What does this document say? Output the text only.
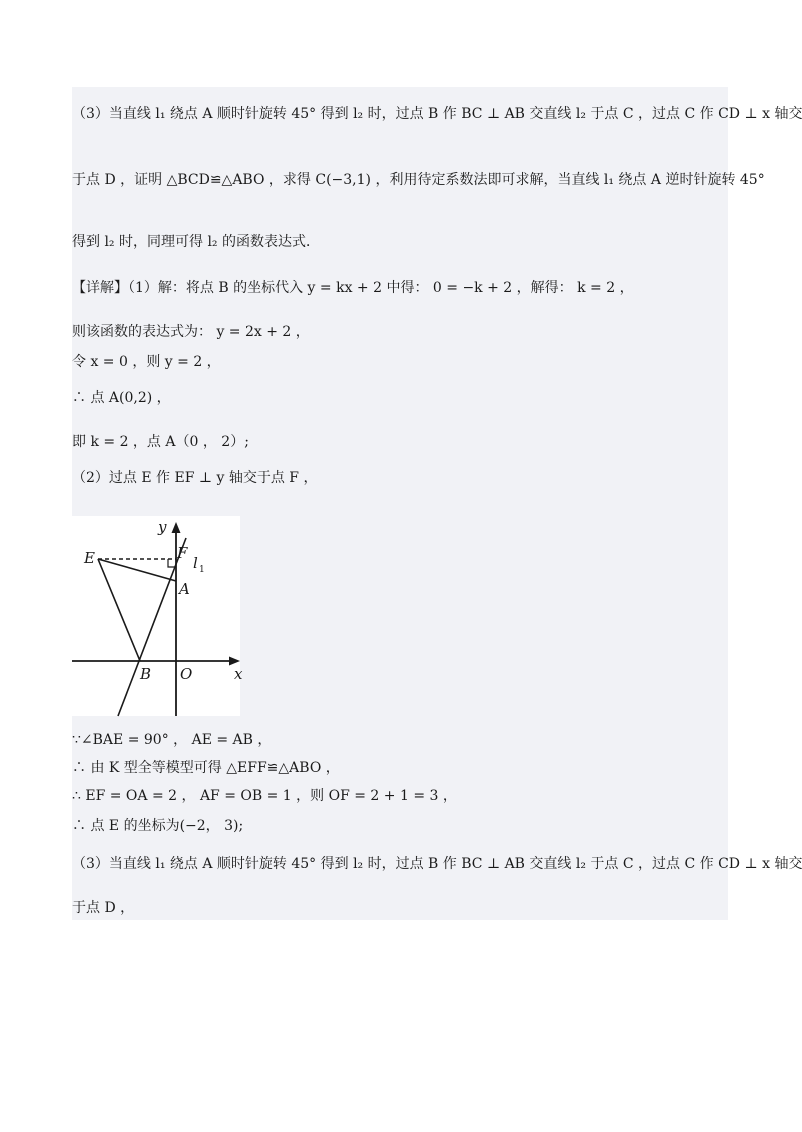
（3）当直线 l₁ 绕点 A 顺时针旋转 45° 得到 l₂ 时，过点 B 作 BC ⊥ AB 交直线 l₂ 于点 C ，过点 C 作 CD ⊥ x 轴交
于点 D ，证明 △BCD≌△ABO ，求得 C(−3,1) ，利用待定系数法即可求解，当直线 l₁ 绕点 A 逆时针旋转 45°
得到 l₂ 时，同理可得 l₂ 的函数表达式．
【详解】（1）解：将点 B 的坐标代入 y = kx + 2 中得： 0 = −k + 2 ，解得： k = 2 ，
则该函数的表达式为： y = 2x + 2 ，
令 x = 0 ，则 y = 2 ，
∴ 点 A(0,2) ，
即 k = 2 ，点 A（0 ， 2）;
（2）过点 E 作 EF ⊥ y 轴交于点 F ，
y
x
E	F
l 1
A
B O
∵∠BAE = 90° ， AE = AB ，
∴ 由 K 型全等模型可得 △EFF≌△ABO ，
∴ EF = OA = 2 ， AF = OB = 1 ，则 OF = 2 + 1 = 3 ，
∴ 点 E 的坐标为(−2， 3);
（3）当直线 l₁ 绕点 A 顺时针旋转 45° 得到 l₂ 时，过点 B 作 BC ⊥ AB 交直线 l₂ 于点 C ，过点 C 作 CD ⊥ x 轴交
于点 D ，
